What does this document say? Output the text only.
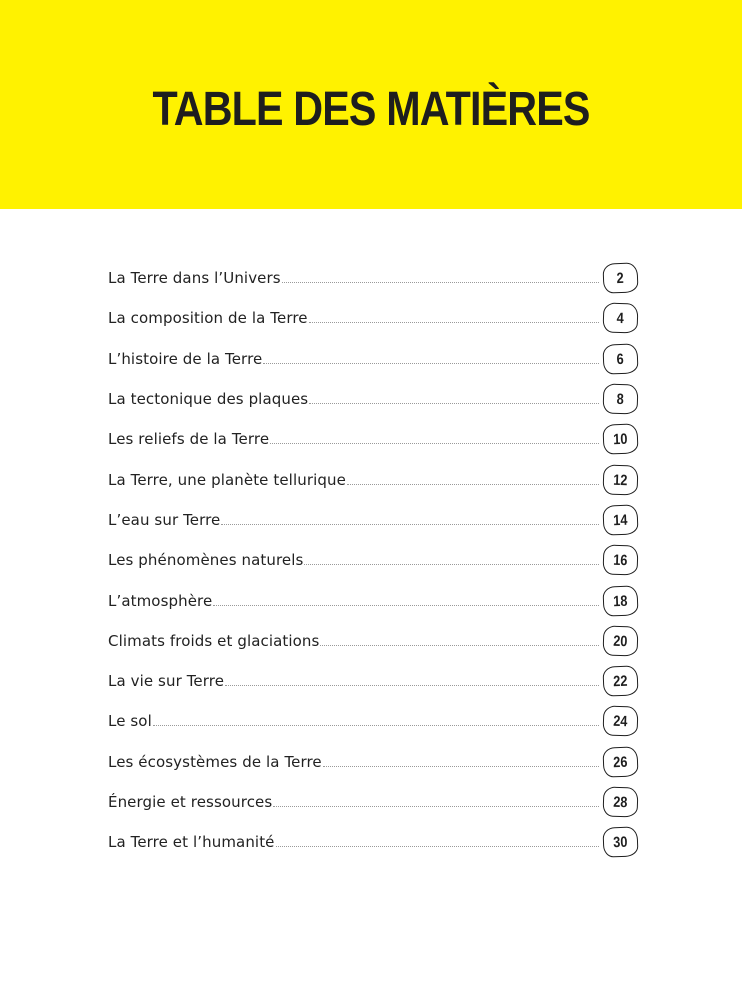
TABLE DES MATIÈRES
La Terre dans l’Univers	2
La composition de la Terre	4
L’histoire de la Terre	6
La tectonique des plaques	8
Les reliefs de la Terre	10
La Terre, une planète tellurique	12
L’eau sur Terre	14
Les phénomènes naturels	16
L’atmosphère	18
Climats froids et glaciations	20
La vie sur Terre	22
Le sol	24
Les écosystèmes de la Terre	26
Énergie et ressources	28
La Terre et l’humanité	30
